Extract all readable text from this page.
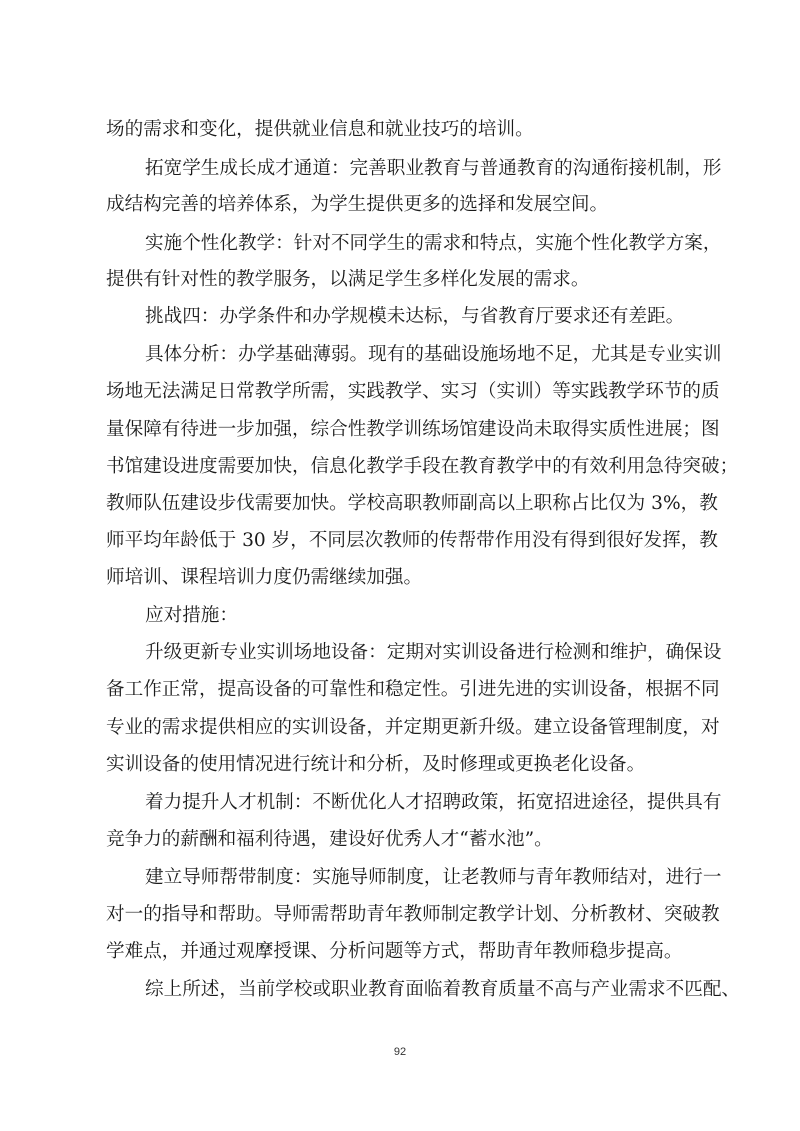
场的需求和变化，提供就业信息和就业技巧的培训。
拓宽学生成长成才通道：完善职业教育与普通教育的沟通衔接机制，形
成结构完善的培养体系，为学生提供更多的选择和发展空间。
实施个性化教学：针对不同学生的需求和特点，实施个性化教学方案，
提供有针对性的教学服务，以满足学生多样化发展的需求。
挑战四：办学条件和办学规模未达标，与省教育厅要求还有差距。
具体分析：办学基础薄弱。现有的基础设施场地不足，尤其是专业实训
场地无法满足日常教学所需，实践教学、实习（实训）等实践教学环节的质
量保障有待进一步加强，综合性教学训练场馆建设尚未取得实质性进展；图
书馆建设进度需要加快，信息化教学手段在教育教学中的有效利用急待突破；
教师队伍建设步伐需要加快。学校高职教师副高以上职称占比仅为 3%，教
师平均年龄低于 30 岁，不同层次教师的传帮带作用没有得到很好发挥，教
师培训、课程培训力度仍需继续加强。
应对措施：
升级更新专业实训场地设备：定期对实训设备进行检测和维护，确保设
备工作正常，提高设备的可靠性和稳定性。引进先进的实训设备，根据不同
专业的需求提供相应的实训设备，并定期更新升级。建立设备管理制度，对
实训设备的使用情况进行统计和分析，及时修理或更换老化设备。
着力提升人才机制：不断优化人才招聘政策，拓宽招进途径，提供具有
竞争力的薪酬和福利待遇，建设好优秀人才“蓄水池”。
建立导师帮带制度：实施导师制度，让老教师与青年教师结对，进行一
对一的指导和帮助。导师需帮助青年教师制定教学计划、分析教材、突破教
学难点，并通过观摩授课、分析问题等方式，帮助青年教师稳步提高。
综上所述，当前学校或职业教育面临着教育质量不高与产业需求不匹配、
92
